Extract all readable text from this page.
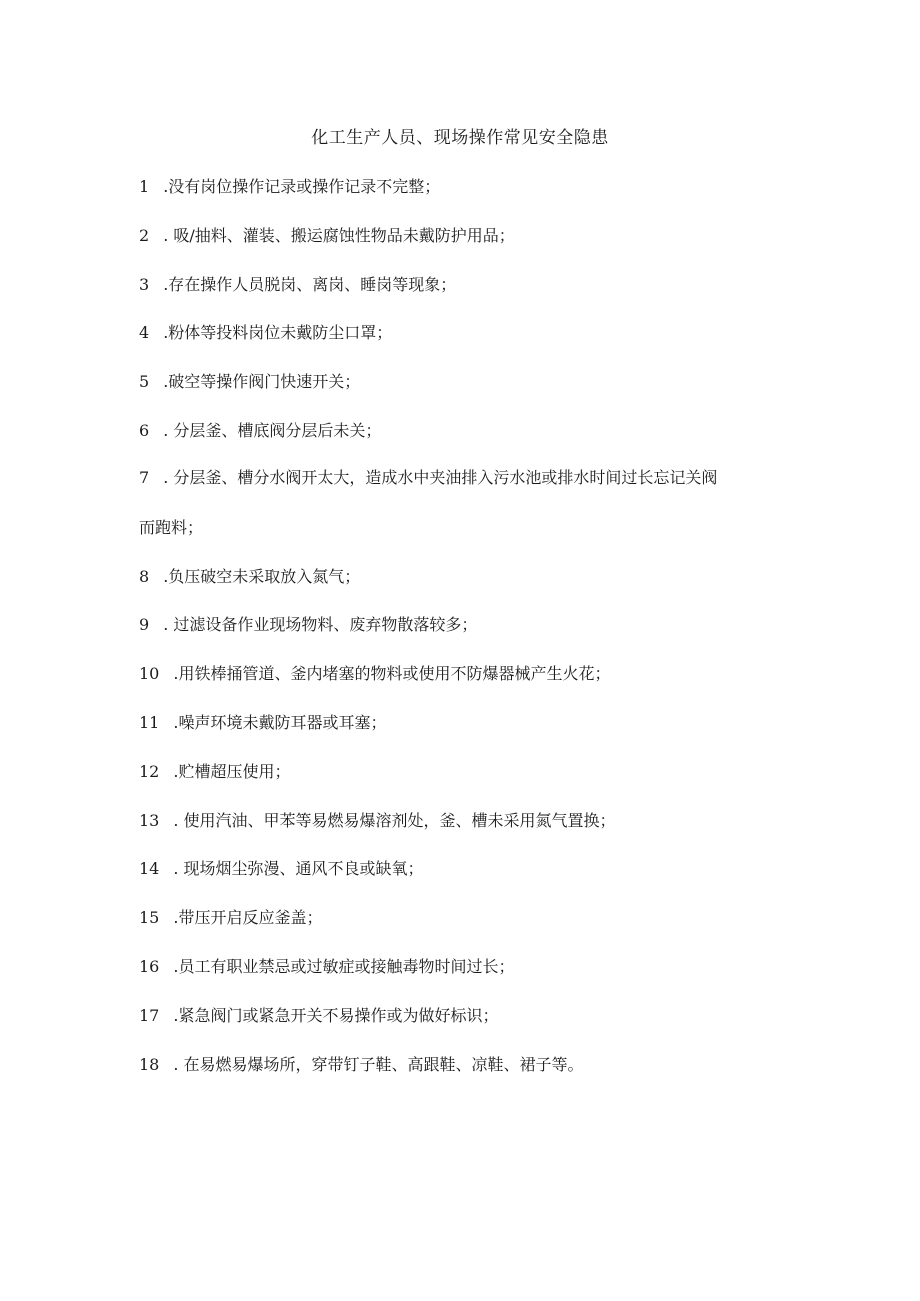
化工生产人员、现场操作常见安全隐患
1 .没有岗位操作记录或操作记录不完整；
2 . 吸/抽料、灌装、搬运腐蚀性物品未戴防护用品；
3 .存在操作人员脱岗、离岗、睡岗等现象；
4 .粉体等投料岗位未戴防尘口罩；
5 .破空等操作阀门快速开关；
6 . 分层釜、槽底阀分层后未关；
7 . 分层釜、槽分水阀开太大，造成水中夹油排入污水池或排水时间过长忘记关阀
而跑料；
8 .负压破空未采取放入氮气；
9 . 过滤设备作业现场物料、废弃物散落较多；
10 .用铁棒捅管道、釜内堵塞的物料或使用不防爆器械产生火花；
11 .噪声环境未戴防耳器或耳塞；
12 .贮槽超压使用；
13 . 使用汽油、甲苯等易燃易爆溶剂处，釜、槽未采用氮气置换；
14 . 现场烟尘弥漫、通风不良或缺氧；
15 .带压开启反应釜盖；
16 .员工有职业禁忌或过敏症或接触毒物时间过长；
17 .紧急阀门或紧急开关不易操作或为做好标识；
18 . 在易燃易爆场所，穿带钉子鞋、高跟鞋、凉鞋、裙子等。
